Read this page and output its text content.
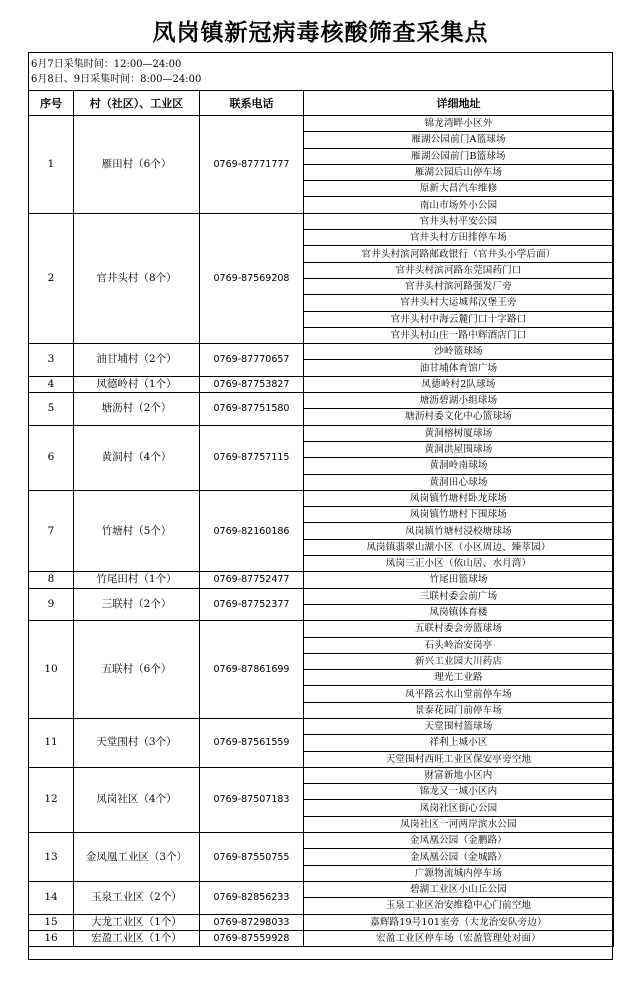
凤岗镇新冠病毒核酸筛查采集点
6月7日采集时间：12:00—24:00
6月8日、9日采集时间：8:00—24:00
序号	村（社区）、工业区	联系电话	详细地址
1	雁田村（6个）	0769-87771777	锦龙湾畔小区外
			雁湖公园前门A篮球场
			雁湖公园前门B篮球场
			雁湖公园后山停车场
			原新大昌汽车维修
			南山市场外小公园
2	官井头村（8个）	0769-87569208	官井头村平安公园
			官井头村方田排停车场
			官井头村滨河路邮政银行（官井头小学后面）
			官井头村滨河路东莞国药门口
			官井头村滨河路强发厂旁
			官井头村大运城邦汉堡王旁
			官井头村中海云麓门口十字路口
			官井头村山庄一路中辉酒店门口
3	油甘埔村（2个）	0769-87770657	沙岭篮球场
			油甘埔体育馆广场
4	凤德岭村（1个）	0769-87753827	凤德岭村2队球场
5	塘沥村（2个）	0769-87751580	塘沥碧湖小组球场
			塘沥村委文化中心篮球场
6	黄洞村（4个）	0769-87757115	黄洞榕树厦球场
			黄洞洪屋围球场
			黄洞岭南球场
			黄洞田心球场
7	竹塘村（5个）	0769-82160186	凤岗镇竹塘村卧龙球场
			凤岗镇竹塘村下围球场
			凤岗镇竹塘村浸校塘球场
			凤岗镇翡翠山湖小区（小区周边、臻萃园）
			凤岗三正小区（依山居、水月湾）
8	竹尾田村（1个）	0769-87752477	竹尾田篮球场
9	三联村（2个）	0769-87752377	三联村委会前广场
			凤岗镇体育楼
10	五联村（6个）	0769-87861699	五联村委会旁篮球场
			石头岭治安岗亭
			新兴工业园大川药店
			理光工业路
			凤平路云水山堂前停车场
			景泰花园门前停车场
11	天堂围村（3个）	0769-87561559	天堂围村篮球场
			祥利上城小区
			天堂围村西旺工业区保安亭旁空地
12	凤岗社区（4个）	0769-87507183	财富新地小区内
			锦龙又一城小区内
			凤岗社区街心公园
			凤岗社区一河两岸滨水公园
13	金凤凰工业区（3个）	0769-87550755	金凤凰公园（金鹏路）
			金凤凰公园（金城路）
			广源物流城内停车场
14	玉泉工业区（2个）	0769-82856233	碧湖工业区小山丘公园
			玉泉工业区治安维稳中心门前空地
15	大龙工业区（1个）	0769-87298033	嘉辉路19号101室旁（大龙治安队旁边）
16	宏盈工业区（1个）	0769-87559928	宏盈工业区停车场（宏盈管理处对面）
